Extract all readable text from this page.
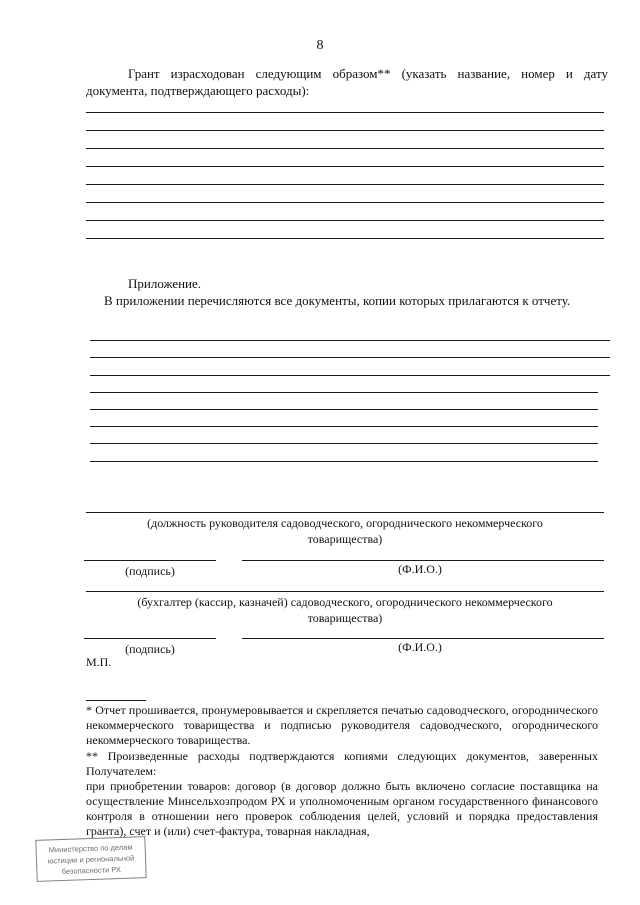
8
Грант израсходован следующим образом** (указать название, номер и дату документа, подтверждающего расходы):
Приложение.
В приложении перечисляются все документы, копии которых прилагаются к отчету.
(должность руководителя садоводческого, огороднического некоммерческого товарищества)
(подпись)	(Ф.И.О.)
(бухгалтер (кассир, казначей) садоводческого, огороднического некоммерческого товарищества)
(подпись)	(Ф.И.О.)
М.П.

* Отчет прошивается, пронумеровывается и скрепляется печатью садоводческого, огороднического некоммерческого товарищества и подписью руководителя садоводческого, огороднического некоммерческого товарищества.

** Произведенные расходы подтверждаются копиями следующих документов, заверенных Получателем:

при приобретении товаров: договор (в договор должно быть включено согласие поставщика на осуществление Минсельхозпродом РХ и уполномоченным органом государственного финансового контроля в отношении него проверок соблюдения целей, условий и порядка предоставления гранта), счет и (или) счет-фактура, товарная накладная,

Министерство по делам
юстиции и региональной
безопасности РХ
